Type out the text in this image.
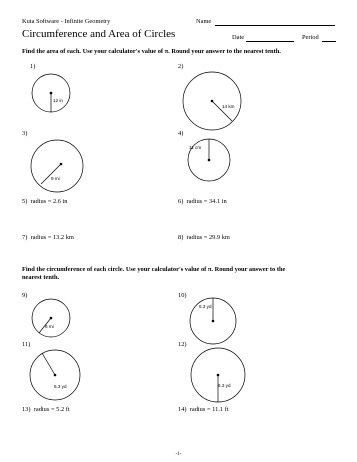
Kuta Software - Infinite Geometry	Name
Circumference and Area of Circles	Date	Period
Find the area of each. Use your calculator's value of π. Round your answer to the nearest tenth.
1)
12 in
2)
14 km
3)
9 mi
4)
11 cm
5) radius = 2.6 in	6) radius = 34.1 in
7) radius = 13.2 km	8) radius = 29.9 km
Find the circumference of each circle. Use your calculator's value of π. Round your answer to the
nearest tenth.
9)
6 mi
10)
6.3 yd
11)
6.3 yd
12)
6.3 yd
13) radius = 5.2 ft	14) radius = 11.1 ft
-1-
